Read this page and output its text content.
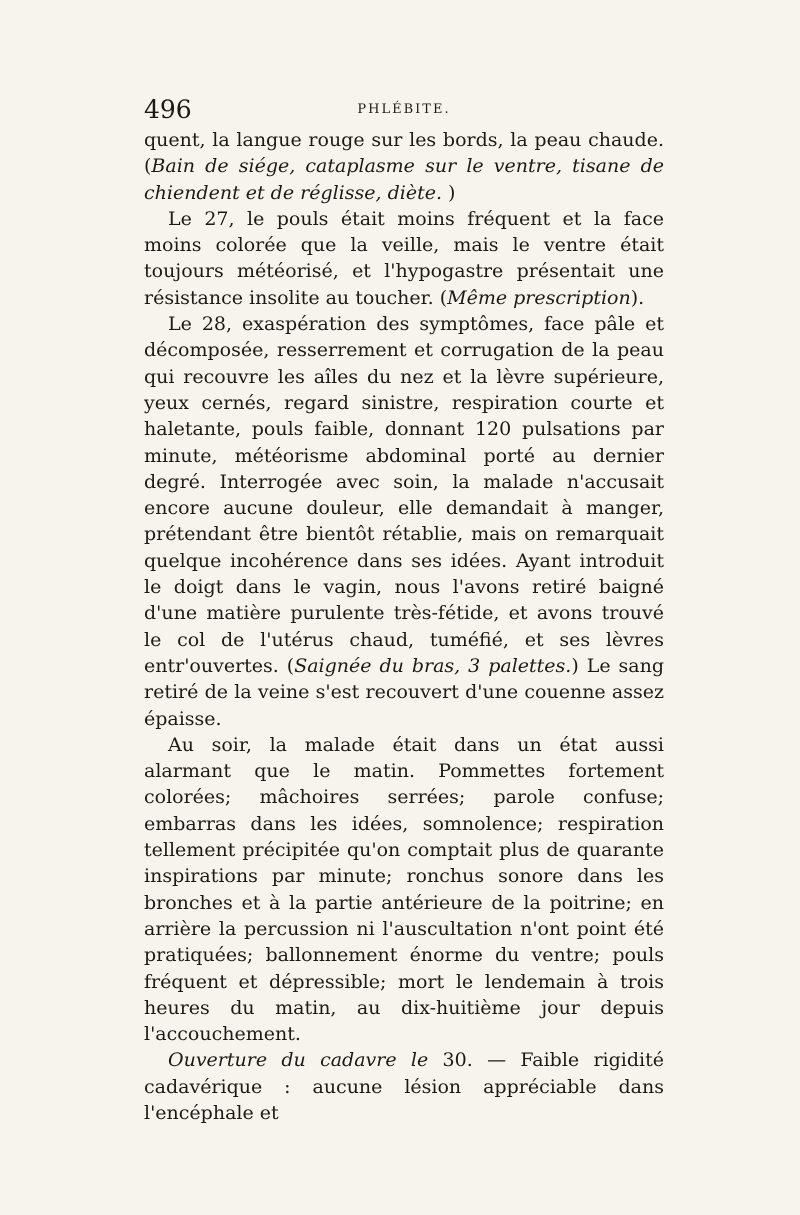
496	PHLÉBITE.

quent, la langue rouge sur les bords, la peau chaude. (Bain de siége, cataplasme sur le ventre, tisane de chiendent et de réglisse, diète. )

Le 27, le pouls était moins fréquent et la face moins colorée que la veille, mais le ventre était toujours météorisé, et l'hypogastre présentait une résistance insolite au toucher. (Même prescription).

Le 28, exaspération des symptômes, face pâle et décomposée, resserrement et corrugation de la peau qui recouvre les aîles du nez et la lèvre supérieure, yeux cernés, regard sinistre, respiration courte et haletante, pouls faible, donnant 120 pulsations par minute, météorisme abdominal porté au dernier degré. Interrogée avec soin, la malade n'accusait encore aucune douleur, elle demandait à manger, prétendant être bientôt rétablie, mais on remarquait quelque incohérence dans ses idées. Ayant introduit le doigt dans le vagin, nous l'avons retiré baigné d'une matière purulente très-fétide, et avons trouvé le col de l'utérus chaud, tuméfié, et ses lèvres entr'ouvertes. (Saignée du bras, 3 palettes.) Le sang retiré de la veine s'est recouvert d'une couenne assez épaisse.

Au soir, la malade était dans un état aussi alarmant que le matin. Pommettes fortement colorées; mâchoires serrées; parole confuse; embarras dans les idées, somnolence; respiration tellement précipitée qu'on comptait plus de quarante inspirations par minute; ronchus sonore dans les bronches et à la partie antérieure de la poitrine; en arrière la percussion ni l'auscultation n'ont point été pratiquées; ballonnement énorme du ventre; pouls fréquent et dépressible; mort le lendemain à trois heures du matin, au dix-huitième jour depuis l'accouchement.

Ouverture du cadavre le 30. — Faible rigidité cadavérique : aucune lésion appréciable dans l'encéphale et
